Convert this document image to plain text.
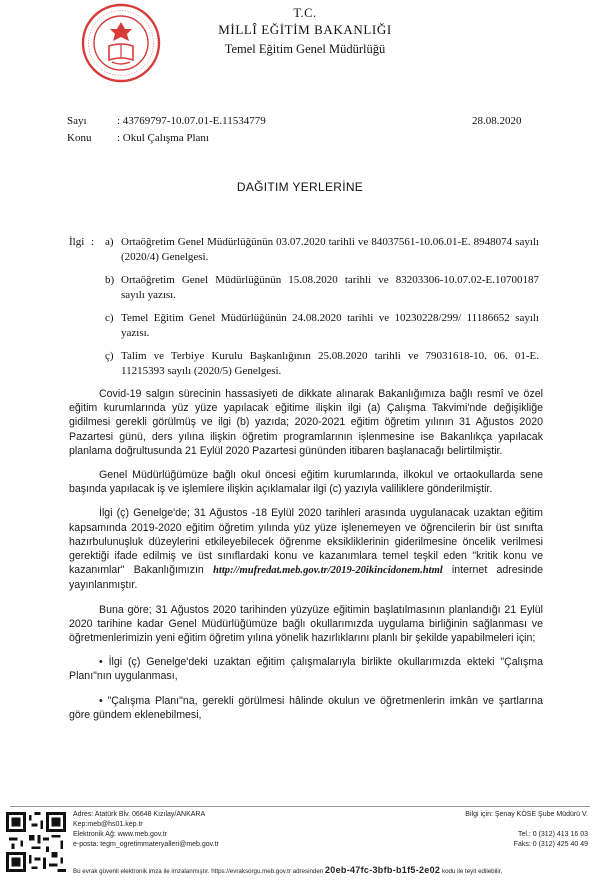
T.C.
MİLLÎ EĞİTİM BAKANLIĞI
Temel Eğitim Genel Müdürlüğü
Sayı	: 43769797-10.07.01-E.11534779	28.08.2020
Konu : Okul Çalışma Planı
DAĞITIM YERLERİNE
İlgi : a) Ortaöğretim Genel Müdürlüğünün 03.07.2020 tarihli ve 84037561-10.06.01-E. 8948074 sayılı (2020/4) Genelgesi.
b) Ortaöğretim Genel Müdürlüğünün 15.08.2020 tarihli ve 83203306-10.07.02-E.10700187 sayılı yazısı.
c) Temel Eğitim Genel Müdürlüğünün 24.08.2020 tarihli ve 10230228/299/ 11186652 sayılı yazısı.
ç) Talim ve Terbiye Kurulu Başkanlığının 25.08.2020 tarihli ve 79031618-10. 06. 01-E. 11215393 sayılı (2020/5) Genelgesi.

Covid-19 salgın sürecinin hassasiyeti de dikkate alınarak Bakanlığımıza bağlı resmî ve özel eğitim kurumlarında yüz yüze yapılacak eğitime ilişkin ilgi (a) Çalışma Takvimi'nde değişikliğe gidilmesi gerekli görülmüş ve ilgi (b) yazıda; 2020-2021 eğitim öğretim yılının 31 Ağustos 2020 Pazartesi günü, ders yılına ilişkin öğretim programlarının işlenmesine ise Bakanlıkça yapılacak planlama doğrultusunda 21 Eylül 2020 Pazartesi gününden itibaren başlanacağı belirtilmiştir.

Genel Müdürlüğümüze bağlı okul öncesi eğitim kurumlarında, ilkokul ve ortaokullarda sene başında yapılacak iş ve işlemlere ilişkin açıklamalar ilgi (c) yazıyla valiliklere gönderilmiştir.

İlgi (ç) Genelge'de; 31 Ağustos -18 Eylül 2020 tarihleri arasında uygulanacak uzaktan eğitim kapsamında 2019-2020 eğitim öğretim yılında yüz yüze işlenemeyen ve öğrencilerin bir üst sınıfta hazırbulunuşluk düzeylerini etkileyebilecek öğrenme eksikliklerinin giderilmesine öncelik verilmesi gerektiği ifade edilmiş ve üst sınıflardaki konu ve kazanımlara temel teşkil eden "kritik konu ve kazanımlar" Bakanlığımızın http://mufredat.meb.gov.tr/2019-20ikincidonem.html internet adresinde yayınlanmıştır.

Buna göre; 31 Ağustos 2020 tarihinden yüzyüze eğitimin başlatılmasının planlandığı 21 Eylül 2020 tarihine kadar Genel Müdürlüğümüze bağlı okullarımızda uygulama birliğinin sağlanması ve öğretmenlerimizin yeni eğitim öğretim yılına yönelik hazırlıklarını planlı bir şekilde yapabilmeleri için;

• İlgi (ç) Genelge'deki uzaktan eğitim çalışmalarıyla birlikte okullarımızda ekteki "Çalışma Planı"nın uygulanması,
• "Çalışma Planı"na, gerekli görülmesi hâlinde okulun ve öğretmenlerin imkân ve şartlarına göre gündem eklenebilmesi,
Adres: Atatürk Blv. 06648 Kızılay/ANKARA
Kep:meb@hs01.kep.tr
Elektronik Ağ: www.meb.gov.tr
e-posta: tegm_ogretimmateryalleri@meb.gov.tr
Bilgi için: Şenay KÖSE Şube Müdürü V.
Tel.: 0 (312) 413 16 03
Faks: 0 (312) 425 40 49
Bu evrak güvenli elektronik imza ile imzalanmıştır. https://evraksorgu.meb.gov.tr adresinden 20eb-47fc-3bfb-b1f5-2e02 kodu ile teyit edilebilir.
